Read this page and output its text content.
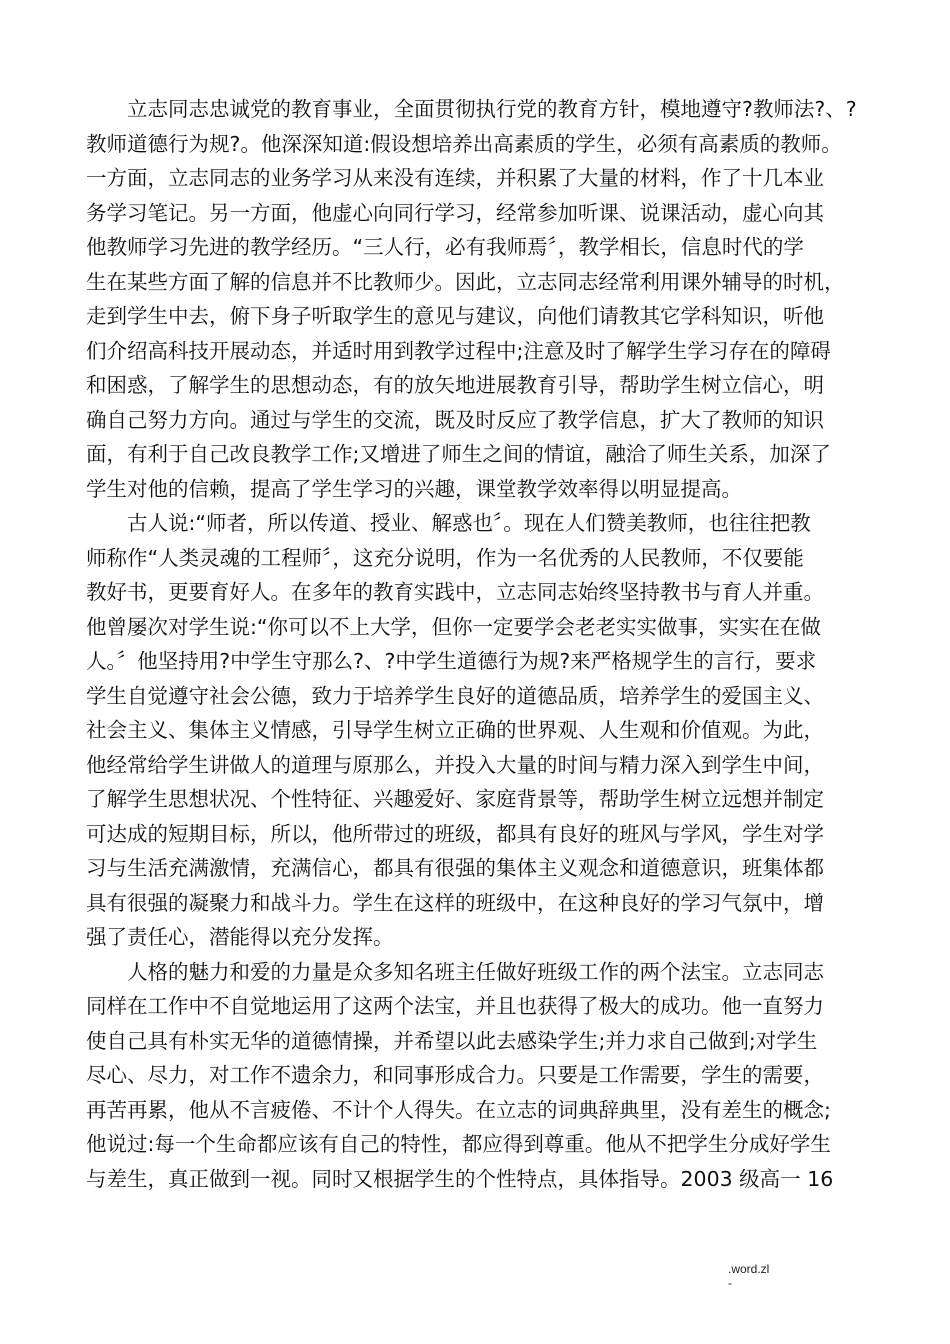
　　立志同志忠诚党的教育事业，全面贯彻执行党的教育方针，模地遵守?教师法?、?
教师道德行为规?。他深深知道:假设想培养出高素质的学生，必须有高素质的教师。
一方面，立志同志的业务学习从来没有连续，并积累了大量的材料，作了十几本业
务学习笔记。另一方面，他虚心向同行学习，经常参加听课、说课活动，虚心向其
他教师学习先进的教学经历。“三人行，必有我师焉〞，教学相长，信息时代的学
生在某些方面了解的信息并不比教师少。因此，立志同志经常利用课外辅导的时机，
走到学生中去，俯下身子听取学生的意见与建议，向他们请教其它学科知识，听他
们介绍高科技开展动态，并适时用到教学过程中;注意及时了解学生学习存在的障碍
和困惑，了解学生的思想动态，有的放矢地进展教育引导，帮助学生树立信心，明
确自己努力方向。通过与学生的交流，既及时反应了教学信息，扩大了教师的知识
面，有利于自己改良教学工作;又增进了师生之间的情谊，融洽了师生关系，加深了
学生对他的信赖，提高了学生学习的兴趣，课堂教学效率得以明显提高。
　　古人说:“师者，所以传道、授业、解惑也〞。现在人们赞美教师，也往往把教
师称作“人类灵魂的工程师〞，这充分说明，作为一名优秀的人民教师，不仅要能
教好书，更要育好人。在多年的教育实践中，立志同志始终坚持教书与育人并重。
他曾屡次对学生说:“你可以不上大学，但你一定要学会老老实实做事，实实在在做
人。〞他坚持用?中学生守那么?、?中学生道德行为规?来严格规学生的言行，要求
学生自觉遵守社会公德，致力于培养学生良好的道德品质，培养学生的爱国主义、
社会主义、集体主义情感，引导学生树立正确的世界观、人生观和价值观。为此，
他经常给学生讲做人的道理与原那么，并投入大量的时间与精力深入到学生中间，
了解学生思想状况、个性特征、兴趣爱好、家庭背景等，帮助学生树立远想并制定
可达成的短期目标，所以，他所带过的班级，都具有良好的班风与学风，学生对学
习与生活充满激情，充满信心，都具有很强的集体主义观念和道德意识，班集体都
具有很强的凝聚力和战斗力。学生在这样的班级中，在这种良好的学习气氛中，增
强了责任心，潜能得以充分发挥。
　　人格的魅力和爱的力量是众多知名班主任做好班级工作的两个法宝。立志同志
同样在工作中不自觉地运用了这两个法宝，并且也获得了极大的成功。他一直努力
使自己具有朴实无华的道德情操，并希望以此去感染学生;并力求自己做到;对学生
尽心、尽力，对工作不遗余力，和同事形成合力。只要是工作需要，学生的需要，
再苦再累，他从不言疲倦、不计个人得失。在立志的词典辞典里，没有差生的概念;
他说过:每一个生命都应该有自己的特性，都应得到尊重。他从不把学生分成好学生
与差生，真正做到一视。同时又根据学生的个性特点，具体指导。2003 级高一 16
.word.zl
-
